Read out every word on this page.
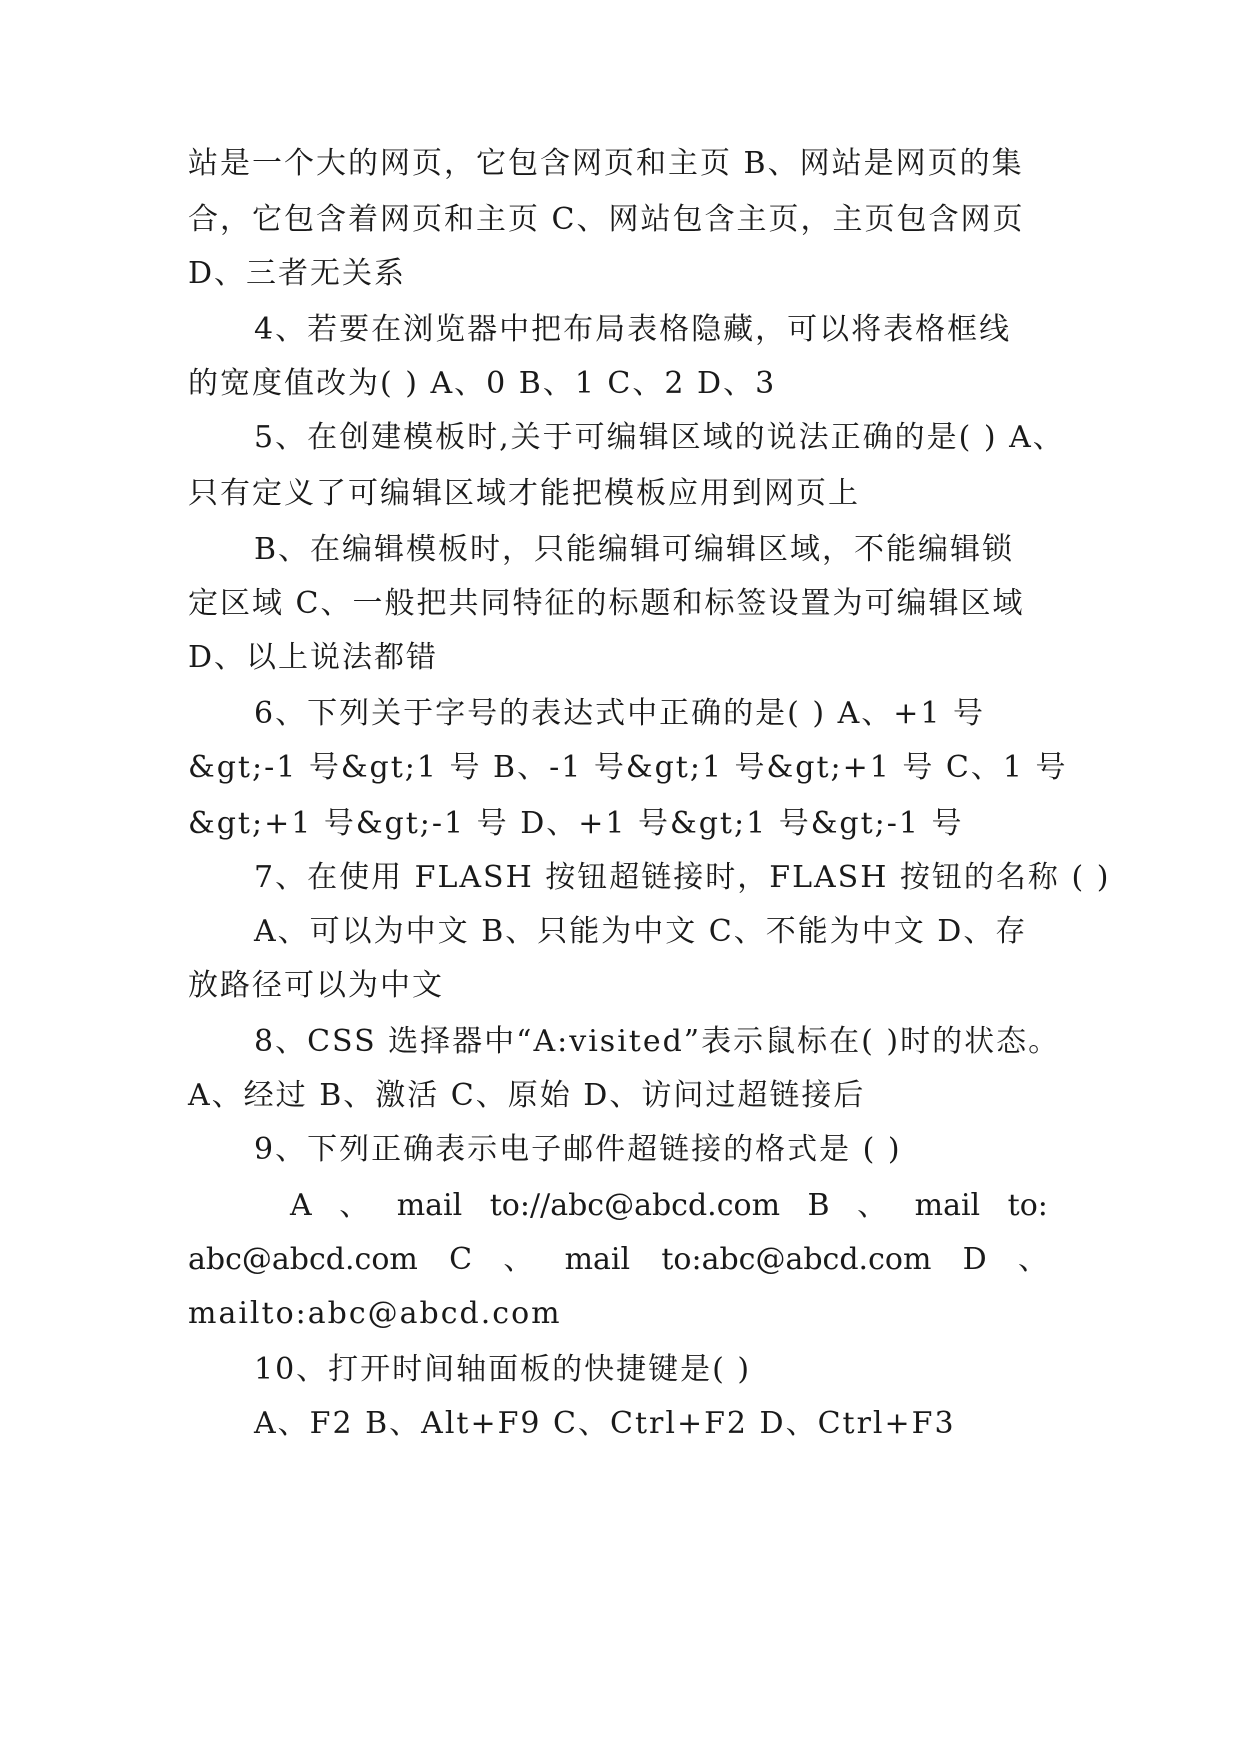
站是一个大的网页，它包含网页和主页 B、网站是网页的集
合，它包含着网页和主页 C、网站包含主页，主页包含网页
D、三者无关系
4、若要在浏览器中把布局表格隐藏，可以将表格框线
的宽度值改为( ) A、0 B、1 C、2 D、3
5、在创建模板时,关于可编辑区域的说法正确的是( ) A、
只有定义了可编辑区域才能把模板应用到网页上
B、在编辑模板时，只能编辑可编辑区域，不能编辑锁
定区域 C、一般把共同特征的标题和标签设置为可编辑区域
D、以上说法都错
6、下列关于字号的表达式中正确的是( ) A、+1 号
&gt;-1 号&gt;1 号 B、-1 号&gt;1 号&gt;+1 号 C、1 号
&gt;+1 号&gt;-1 号 D、+1 号&gt;1 号&gt;-1 号
7、在使用 FLASH 按钮超链接时，FLASH 按钮的名称 ( )
A、可以为中文 B、只能为中文 C、不能为中文 D、存
放路径可以为中文
8、CSS 选择器中“A:visited”表示鼠标在( )时的状态。
A、经过 B、激活 C、原始 D、访问过超链接后
9、下列正确表示电子邮件超链接的格式是 ( )
A 、 mail to://abc@abcd.com B 、 mail to:
abc@abcd.com C 、 mail to:abc@abcd.com D 、
mailto:abc@abcd.com
10、打开时间轴面板的快捷键是( )
A、F2 B、Alt+F9 C、Ctrl+F2 D、Ctrl+F3
